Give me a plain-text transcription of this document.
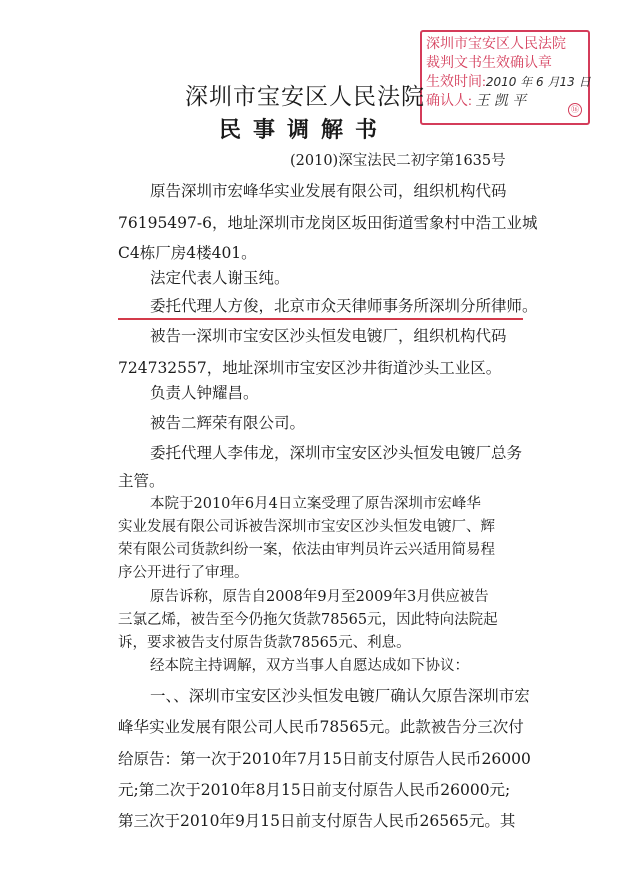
深圳市宝安区人民法院
裁判文书生效确认章
生效时间:2010 年 6 月13 日
确认人: 王 凯 平
⑯
深圳市宝安区人民法院
民事调解书
(2010)深宝法民二初字第1635号
原告深圳市宏峰华实业发展有限公司，组织机构代码
76195497-6，地址深圳市龙岗区坂田街道雪象村中浩工业城
C4栋厂房4楼401。
法定代表人谢玉纯。
委托代理人方俊，北京市众天律师事务所深圳分所律师。
被告一深圳市宝安区沙头恒发电镀厂，组织机构代码
724732557，地址深圳市宝安区沙井街道沙头工业区。
负责人钟耀昌。
被告二辉荣有限公司。
委托代理人李伟龙，深圳市宝安区沙头恒发电镀厂总务
主管。
本院于2010年6月4日立案受理了原告深圳市宏峰华
实业发展有限公司诉被告深圳市宝安区沙头恒发电镀厂、辉
荣有限公司货款纠纷一案，依法由审判员许云兴适用简易程
序公开进行了审理。
原告诉称，原告自2008年9月至2009年3月供应被告
三氯乙烯，被告至今仍拖欠货款78565元，因此特向法院起
诉，要求被告支付原告货款78565元、利息。
经本院主持调解，双方当事人自愿达成如下协议：
一、、深圳市宝安区沙头恒发电镀厂确认欠原告深圳市宏
峰华实业发展有限公司人民币78565元。此款被告分三次付
给原告：第一次于2010年7月15日前支付原告人民币26000
元;第二次于2010年8月15日前支付原告人民币26000元;
第三次于2010年9月15日前支付原告人民币26565元。其
